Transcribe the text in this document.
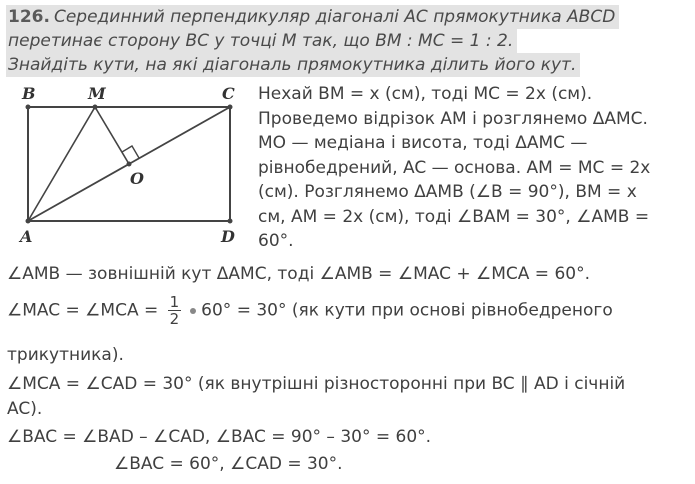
126. Серединний перпендикуляр діагоналі AC прямокутника ABCD
перетинає сторону BC у точці M так, що BM : MC = 1 : 2.
Знайдіть кути, на які діагональ прямокутника ділить його кут.
B	M	C
O
A	D
Нехай BM = x (см), тоді MC = 2x (см).
Проведемо відрізок AM і розглянемо ΔAMC.
MO — медіана і висота, тоді ΔAMC —
рівнобедрений, AC — основа. AM = MC = 2x
(см). Розглянемо ΔAMB (∠B = 90°), BM = x
см, AM = 2x (см), тоді ∠BAM = 30°, ∠AMB =
60°.
∠AMB — зовнішній кут ΔAMC, тоді ∠AMB = ∠MAC + ∠MCA = 60°.
∠MAC = ∠MCA = $\frac{1}{2} 60^\circ = 30^\circ$ (як кути при основі рівнобедреного
трикутника).
∠MCA = ∠CAD = 30° (як внутрішні різносторонні при BC ∥ AD і січній
AC).
∠BAC = ∠BAD – ∠CAD, ∠BAC = 90° – 30° = 60°.
∠BAC = 60°, ∠CAD = 30°.
